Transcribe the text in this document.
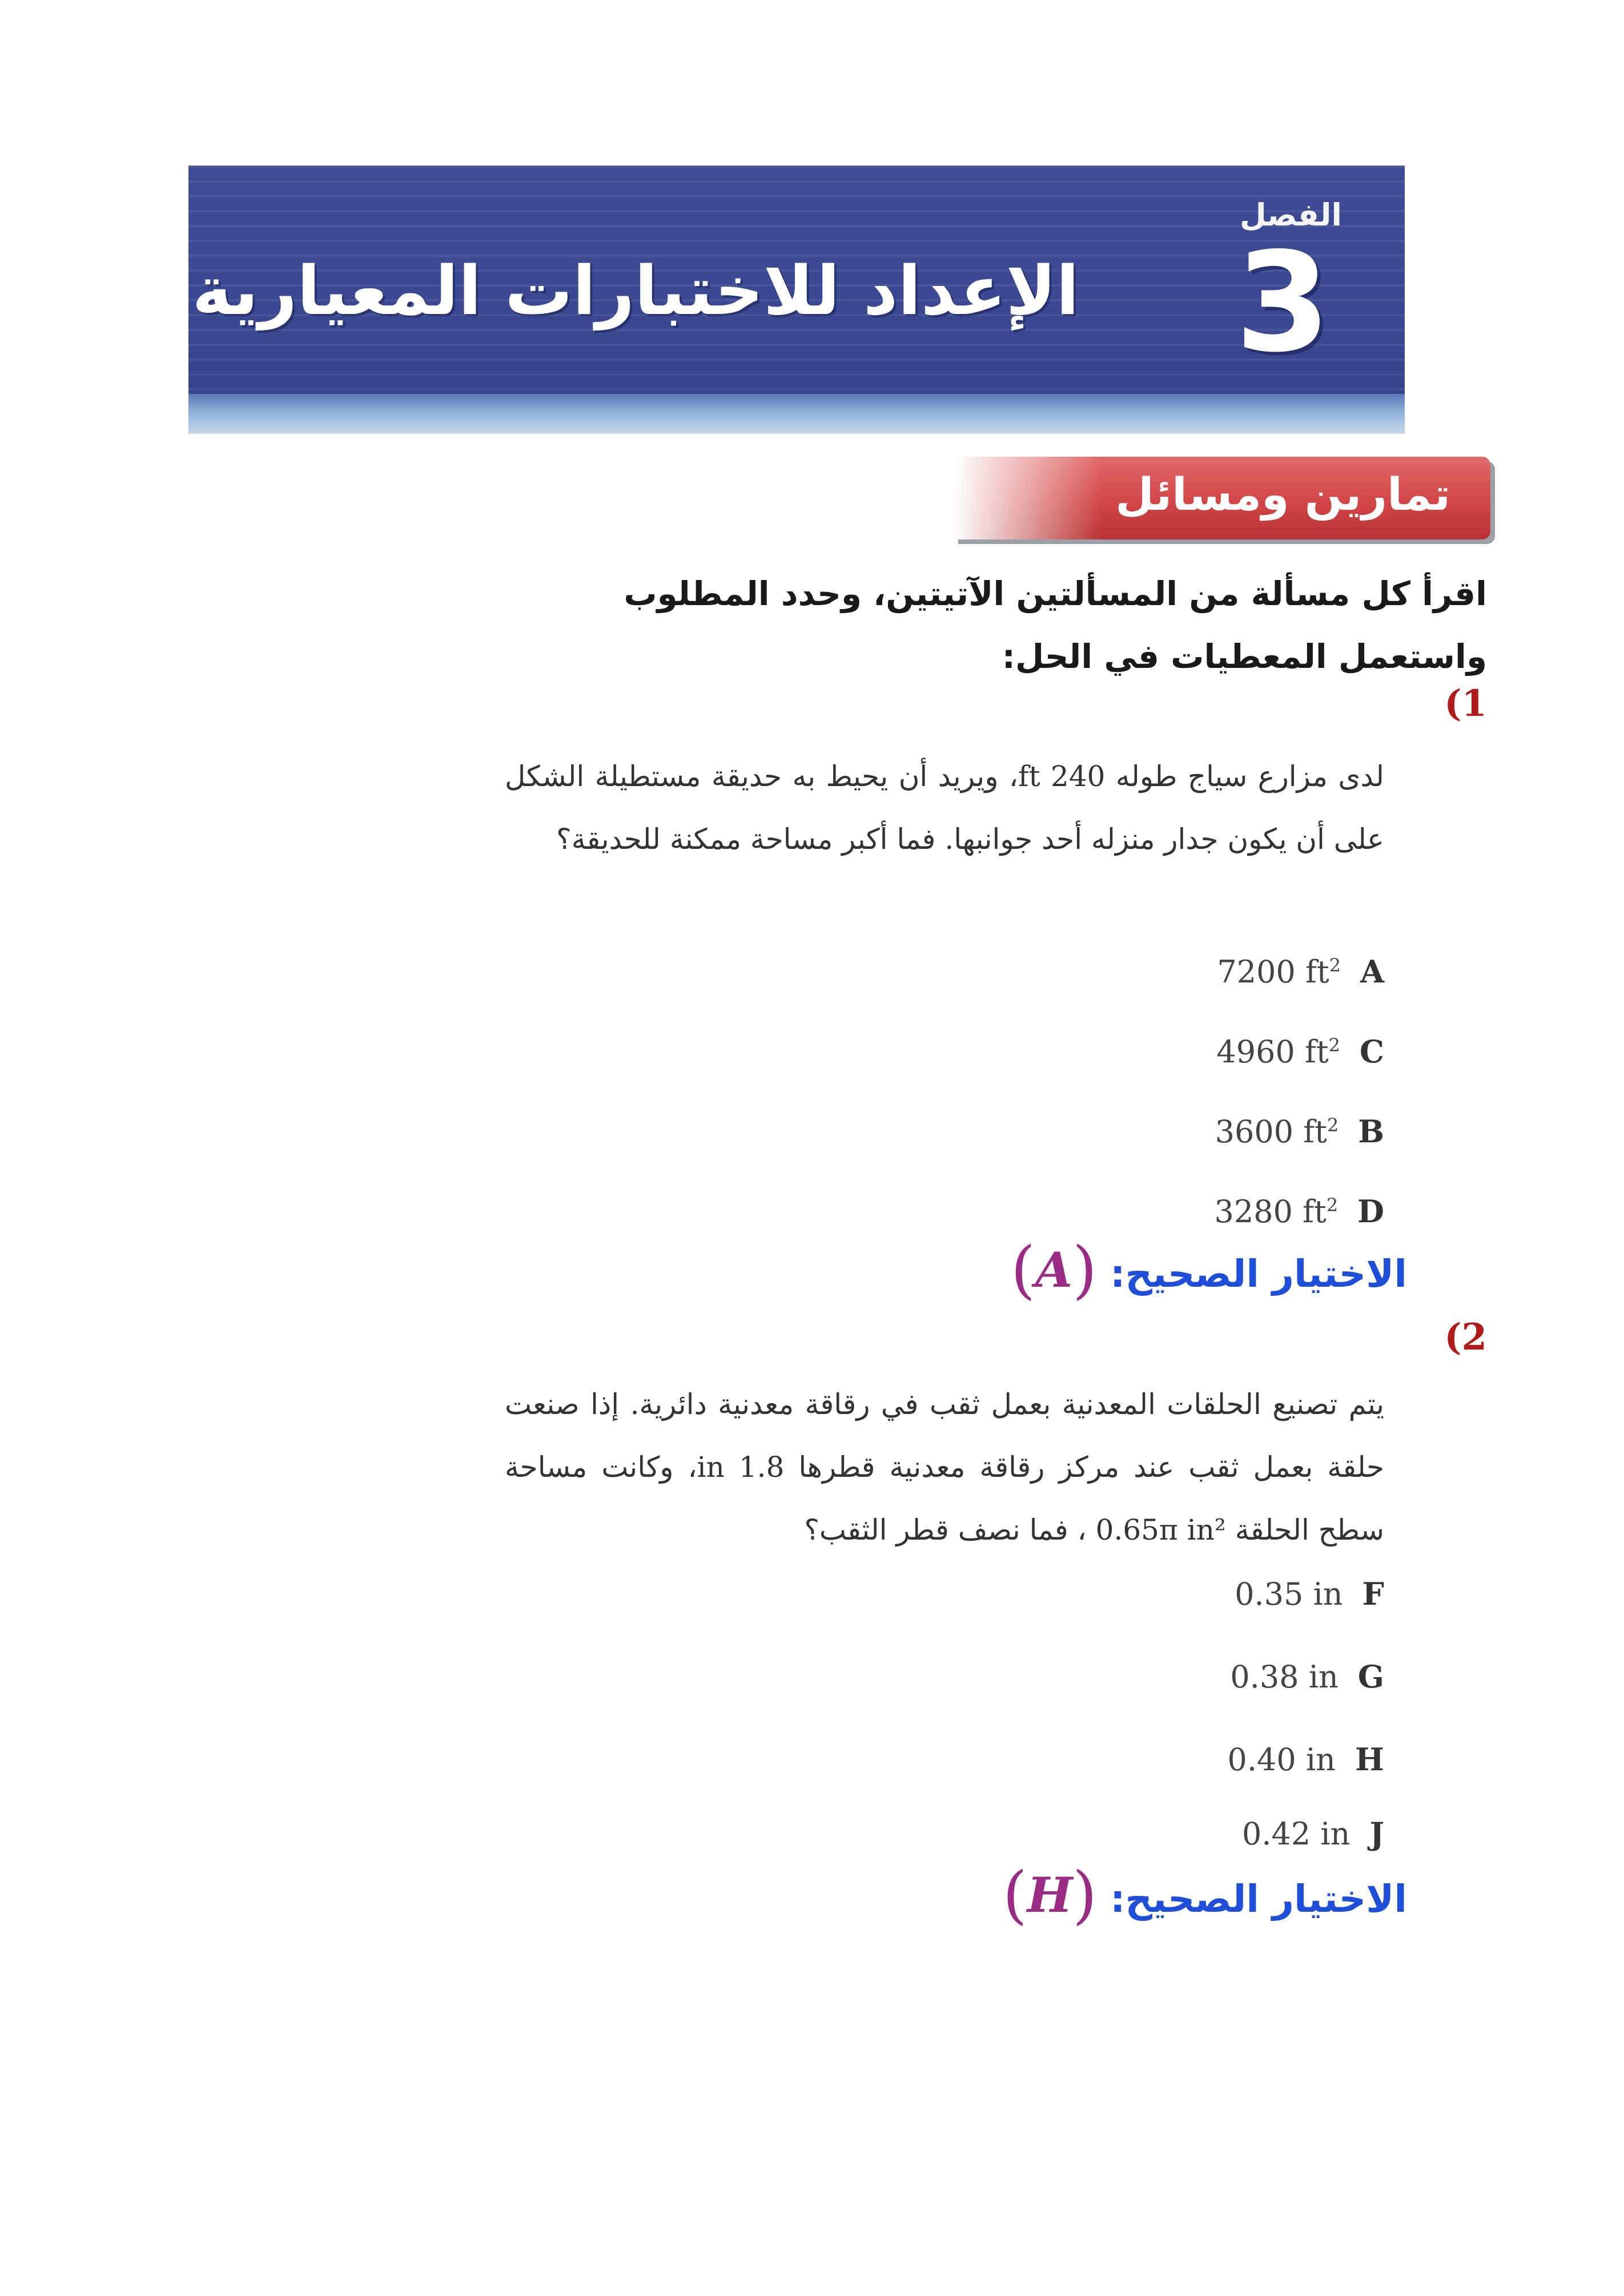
الفصل
3
الإعداد للاختبارات المعيارية
تمارين ومسائل
اقرأ كل مسألة من المسألتين الآتيتين، وحدد المطلوب واستعمل المعطيات في الحل:
(1
لدى مزارع سياج طوله 240 ft، ويريد أن يحيط به حديقة مستطيلة الشكل على أن يكون جدار منزله أحد جوانبها. فما أكبر مساحة ممكنة للحديقة؟
7200 $ft^2$ A
4960 $ft^2$ C
3600 $ft^2$ B
3280 $ft^2$ D
الاختيار الصحيح: (A)
(2
يتم تصنيع الحلقات المعدنية بعمل ثقب في رقاقة معدنية دائرية. إذا صنعت حلقة بعمل ثقب عند مركز رقاقة معدنية قطرها 1.8 in، وكانت مساحة سطح الحلقة 0.65π in² ، فما نصف قطر الثقب؟
0.35 in F
0.38 in G
0.40 in H
0.42 in J
الاختيار الصحيح: (H)
